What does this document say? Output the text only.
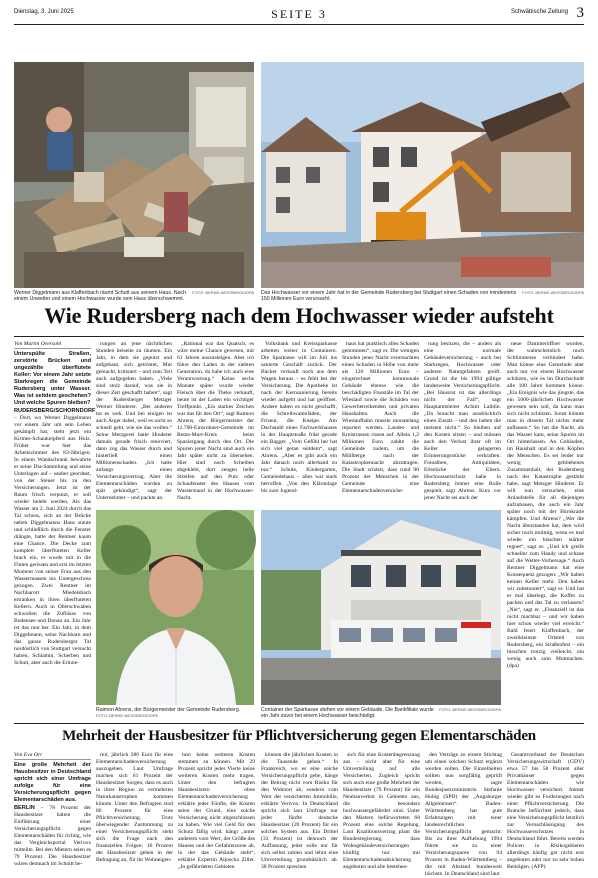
Dienstag, 3. Juni 2025	SEITE 3	Schwäbische Zeitung 3
FOTO: BERND WEISSBROD/DPA
Werner Diggelmann aus Klaffenbach räumt Schutt aus seinem Haus. Nach einem Unwetter und einem Hochwasser wurde sein Haus überschwemmt.
FOTO: BERND WEISSBROD/DPA
Das Hochwasser vor einem Jahr hat in der Gemeinde Rudersberg bei Stuttgart einen Schaden von mindestens 150 Millionen Euro verursacht.
Wie Rudersberg nach dem Hochwasser wieder aufsteht

Von Martin Oversohl

Unterspülte Straßen, zerstörte Brücken und ungezählte überflutete Keller: Vor einem Jahr setzte Starkregen die Gemeinde Rudersberg unter Wasser. Was ist seitdem geschehen? Und welche Spuren bleiben?

RUDERSBERG/SCHORNDORF – Dort, wo Werner Diggelmann vor einem Jahr um sein Leben gekämpft hat, steht jetzt ein Kirmes-Schaukelpferd aus Holz. Früher war hier das Arbeitszimmer des 83-Jährigen. In einem Wandschrank bewahrte er seine Dia-Sammlung und seine Unterlagen auf – sauber geordnet, von der Steuer bis zu den Versicherungen. Jetzt ist der Raum frisch verputzt, er soll wieder belebt werden. Als das Wasser am 2. Juni 2024 durch das Tal schoss, sich an der Brücke neben Diggelmanns Haus staute und schließlich durch die Fenster drängte, hatte der Rentner kaum eine Chance. Die Decke zum komplett überfluteten Keller brach ein, er wurde mit in die Fluten gerissen und erst im letzten Moment von seiner Frau aus den Wassermassen ins Untergeschoss gezogen. Zwei Rentner im Nachbarort Miedelsbach ertranken in ihren überfluteten Kellern. Auch in Oberschwaben schwollen die Zuflüsse von Bodensee und Donau an. Ein Jahr ist das nun her. Ein Jahr, in dem Diggelmann, seine Nachbarn und das ganze Rudersberger Tal nordöstlich von Stuttgart versucht haben, Schlamm, Scherben und Schutt, aber auch die Erinne-

rungen an jene nächtlichen Stunden beiseite zu räumen. Ein Jahr, in dem sie geputzt und aufgebaut, sich getröstet, Mut gemacht, kritisiert – und zum Teil auch aufgegeben haben. „Viele sind stolz darauf, was sie in dieser Zeit geschafft haben“, sagt der Rudersberger Metzger Werner Hinderer. „Bei anderen tut es weh. Und bei einigen ist auch Ärger dabei, weil es nicht so schnell geht, wie sie das wollen.“ Seine Metzgerei hatte Hinderer damals gerade frisch renoviert, dann zog das Wasser durch und hinterließ einen Millionenschaden. „Ich hatte anfangs einen Versicherungsvertrag. Aber die Elementarschäden wurden zu spät gekündigt“, sagt der Unternehmer – und packte an.

„Rational war das Quatsch, es wäre meine Chance gewesen, mit 61 Jahren auszusteigen. Aber ich führe den Laden in der siebten Generation, da habe ich auch eine Verantwortung.“ Keine sechs Monate später wurde wieder Fleisch über die Theke verkauft, heute ist der Laden ein wichtiger Treffpunkt. „Ein starkes Zeichen war das für den Ort“, sagt Raimon Ahrens, der Bürgermeister der 11.700-Einwohner-Gemeinde im Rems-Murr-Kreis beim Spaziergang durch den Ort. Die Spuren jener Nacht sind auch ein Jahr später nicht zu übersehen. Hier sind noch Scheiben abgeklebt, dort zeugen helle Streifen auf den Putz oder Schaufenster des Hauses vom Wasserstand in der Hochwasser-Nacht.

Volksbank und Kreissparkasse arbeiten weiter in Containern. Die Sparkasse will im Juli ins sanierte Geschäft zurück. Der Bäcker verkauft noch aus dem Wagen heraus – es fehlt bei der Versicherung. Die Apotheke ist nach der Kernsanierung bereits wieder aufgeht und hat geöffnet. Andere haben es nicht geschafft, die Schreibwarenläden, der Friseur, die Kneipe. Am Dachstuhl eines Fachwerkhauses in der Hauptstraße fräst gerade ein Bagger. „Vom Gefühl her hat sich viel getan seitdem“, sagt Ahrens. „Aber es gibt auch ein Jahr danach noch allerhand zu tun.“ Schule, Kindergarten, Gemeindehaus – alles war stark betroffen. „Von den Kläranlage bis zum Jugend-

haus hat praktisch alles Schaden genommen“, sagt er. Die wenigen Stunden jener Nacht verursachten einen Schaden in Höhe von mehr als 120 Millionen Euro – eingerechnet kommunale Gebäude ebenso wie die beschädigten Flusstäle im Tal der Wieslauf sowie die Schäden von Gewerbetreibenden und privaten Haushalten. Auch die Wieslaufbahn musste monatelang repariert werden. Landes- und Kreistrassen rissen auf. Allein 1,2 Millionen Euro zahlte die Gemeinde zudem, um die Müllberge nach der Katastrophennacht abzutragen. Die Stadt schätzt, dass rund 90 Prozent der Menschen in der Gemeinde eine Elementarschadenversiche-

rung besitzen, die – anders als eine normale Gebäudeversicherung – auch bei Starkregen, Hochwasser oder anderen Naturgefahren greift. Grund ist die bis 1994 gültige landesweite Versicherungspflicht. „Bei Hausrat ist das allerdings nicht der Fall“, sagt Hauptamtsleiter Achim Laiblin. „Da braucht man ausdrücklich einen Zusatz – und den haben die meisten nicht.“ So bleiben auf den Kosten sitzen – und müssen auch den Verlust ihrer oft im Keller gelagerten Erinnerungsstücke verkraften: Fotoalben, Antiquitäten, Erbstücke der Eltern. Hochwasserschutz habe in Rudersberg immer eine Rolle gespielt, sagt Ahrens. Kurz vor jener Nacht sei auch der

neue Dammeröffner wurden, der wahrscheinlich noch Schlimmeres verhindert habe. Man könne eine Gemeinde aber auch nur vor einem Hochwasser schützen, wie es im Durchschnitt alle 100 Jahre kommen könne. „Ein Ereignis wie das jüngste, das ein 5000-jährlichen Hochwasser gewesen sein soll, da kann man sich nicht schützen. Sonst könnte man in diesem Tal nichts mehr aufbauen.“ So hat die Nacht, als das Wasser kam, seine Spuren im Ort hinterlassen. An Gebäuden, im Haushalt und in den Köpfen der Menschen. Es sei leider nur wenig gebliebenes Zusammenhalt, der Rudersberg nach der Katastrophe gestärkt habe, sagt Metzger Hinderer. Er will nun versuchen, eine Anlaufstelle für all diejenigen aufzubauen, die auch ein Jahr später noch mit der Bürokratie kämpfen. Und Ahrens? „Wer die Nacht überstanden hat, dem wird sicher noch mulmig, wenn es mal wieder ein bisschen stärker regnet“, sagt er. „Und ich greife schneller zum Handy und schaue auf die Wetter-Vorhersage.“ Auch Rentner Diggelmann hat eine Konsequenz gezogen: „Wir haben keinen Keller mehr. Den haben wir zubetoniert“, sagt er. Und hat er mal überlegt, die Koffer zu packen und das Tal zu verlassen? „Nie“, sagt er. „Finanziell ist das nicht machbar – und wir haben hier schon wieder viel erreicht.“ Bald feiert Klaffenbach, der zweitkleinste Ortsteil von Rudersberg, ein Straßenfest – ein bisschen trotzig vielleicht, ein wenig auch zum Mutmachen. (dpa)

Raimon Ahrens, der Bürgermeister der Gemeinde Rudersberg.
FOTO: BERND WEISSBROD/DPA
FOTO: BERND WEISSBROD/DPA
Container der Sparkasse stehen vor einem Gebäude. Die Bankfiliale wurde ein Jahr zuvor bei einem Hochwasser beschädigt.
Mehrheit der Hausbesitzer für Pflichtversicherung gegen Elementarschäden

Von Eva Orr

Eine große Mehrheit der Hausbesitzer in Deutschland spricht sich einer Umfrage zufolge für eine Versicherungspflicht gegen Elementarschäden aus.

BERLIN – 78 Prozent der Hausbesitzer halten die Einführung einer Versicherungspflicht gegen Elementarschäden für richtig, wie das Vergleichsportal Verivox mitteilte. Bei den Mietern seien es 79 Prozent. Die Hausbesitzer wären demnach im Schnitt be-

reit, jährlich 286 Euro für eine Elementarschadenversicherung auszugeben. Laut Umfrage machen sich 61 Prozent der Hausbesitzer Sorgen, dass es auch in ihrer Region zu vermehrten Naturkatastrophen kommen könnte. Unter den Befragten sind 86 Prozent für eine Pflichtversicherung. Trotz überwiegender Zustimmung zu einer Versicherungspflicht steht sich die Frage nach den finanziellen Folgen: 16 Prozent der Hausbesitzer gehen in der Befragung an, für ihr Wohneigen-

tum keine weiteren Kosten stemmen zu können. Mit 29 Prozent spricht jeder Vierte keine weiteren Kosten mehr tragen. Unter den befragten Hausbesitzern ohne Elementarschadenversicherung erklärte jeder Fünfte, die Kosten seien der Grund, eine solche Versicherung nicht abgeschlossen zu haben. Wie viel Geld für den Schutz fällig wird, hängt „unter anderem vom Wert, der Größe des Hauses und der Gefahrenzone ab, in der das Gebäude steht“, erklärte Expertin Aljoscha Ziller. „In gefährdeten Gebieten

können die jährlichen Kosten in die Tausende gehen.“ In Frankreich, wo es eine solche Versicherungspflicht gebe, hänge der Beitrag nicht vom Risiko für den Wohnort ab, sondern vom Wert der versicherten Immobilie, erklärte Verivox. In Deutschland spricht sich laut Umfrage nur jeder fünfte deutsche Hausbesitzer (20 Prozent) für ein solches System aus. Ein Drittel (33 Prozent) ist dennoch der Auffassung, jeder solle nur für sich selbst zahlen und lehnt eine Umverteilung grundsätzlich ab. 38 Prozent sprechen

sich für eine Kostenbegrenzung aus – nicht aber für eine Umverteilung auf alle Versicherten. Zugleich spricht sich auch eine große Mehrheit der Hausbesitzer (79 Prozent) für ein Neubauverbot in Gebieten aus, die besonders hochwassergefährdet sind. Unter den Mietern befürworteten 68 Prozent eine solche Regelung. Laut Koalitionsvertrag plant die Bundesregierung, dass Wohngebäudeversicherungen künftig nur mit Elementarschadenabsicherung angeboten und alle bestehen-

den Verträge zu einem Stichtag um einen solchen Schutz ergänzt werden sollen. Die Einzelheiten sollten nun sorgfältig geprüft werden, sagte Bundesjustizministerin Stefanie Hubig (SPD) der „Augsburger Allgemeinen“. Baden-Württemberg hat gute Erfahrungen mit einer landesrechtlichen Versicherungspflicht gemacht: Bis zu ihrer Aufhebung 1994 führte sie zu einer Versicherungsquote von 94 Prozent in Baden-Württemberg – die mit Abstand bundesweit höchste. In Deutschland sind laut

Gesamtverband der Deutschen Versicherungswirtschaft (GDV) etwa 57 bis 58 Prozent aller Privathäuser gegen Elementarschäden wie Hochwasser versichert. Immer wieder gibt es Forderungen nach einer Pflichtversicherung. Die Branche befürchtet jedoch, dass eine Versicherungspflicht letztlich zur Vernachlässigung des Hochwasserschutzes in Deutschland führt. Bereits werden Policen in Risikogebieten allerdings häufig gar nicht erst angeboten oder nur zu sehr hohen Beiträgen. (AFP)
